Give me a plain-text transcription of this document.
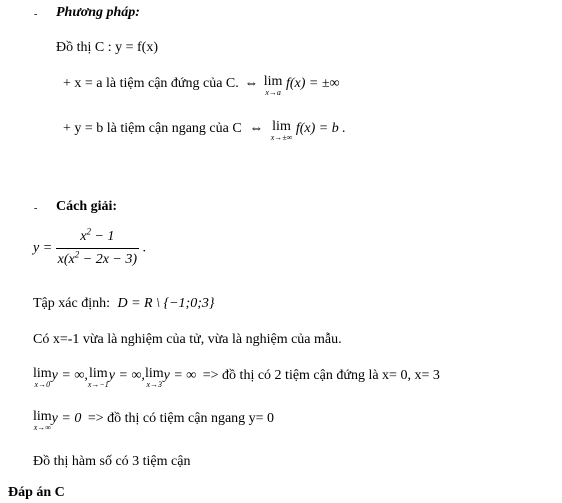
- Phương pháp:
Đồ thị C : y = f(x)
+ x = a là tiệm cận đứng của C. ⇔ lim
x→a
f(x) = ±∞
+ y = b là tiệm cận ngang của C ⇔ lim
x→±∞
f(x) = b .
- Cách giải:
$y = \frac{x^2 - 1}{x(x^2 - 2x - 3)}$ .
Tập xác định: D = R \ {−1;0;3}
Có x=-1 vừa là nghiệm của tử, vừa là nghiệm của mẫu.
lim
x→0
y = ∞, lim
x→−1
y = ∞, lim
x→3
y = ∞ => đồ thị có 2 tiệm cận đứng là x= 0, x= 3
lim
x→∞
y = 0 => đồ thị có tiệm cận ngang y= 0
Đồ thị hàm số có 3 tiệm cận
Đáp án C
